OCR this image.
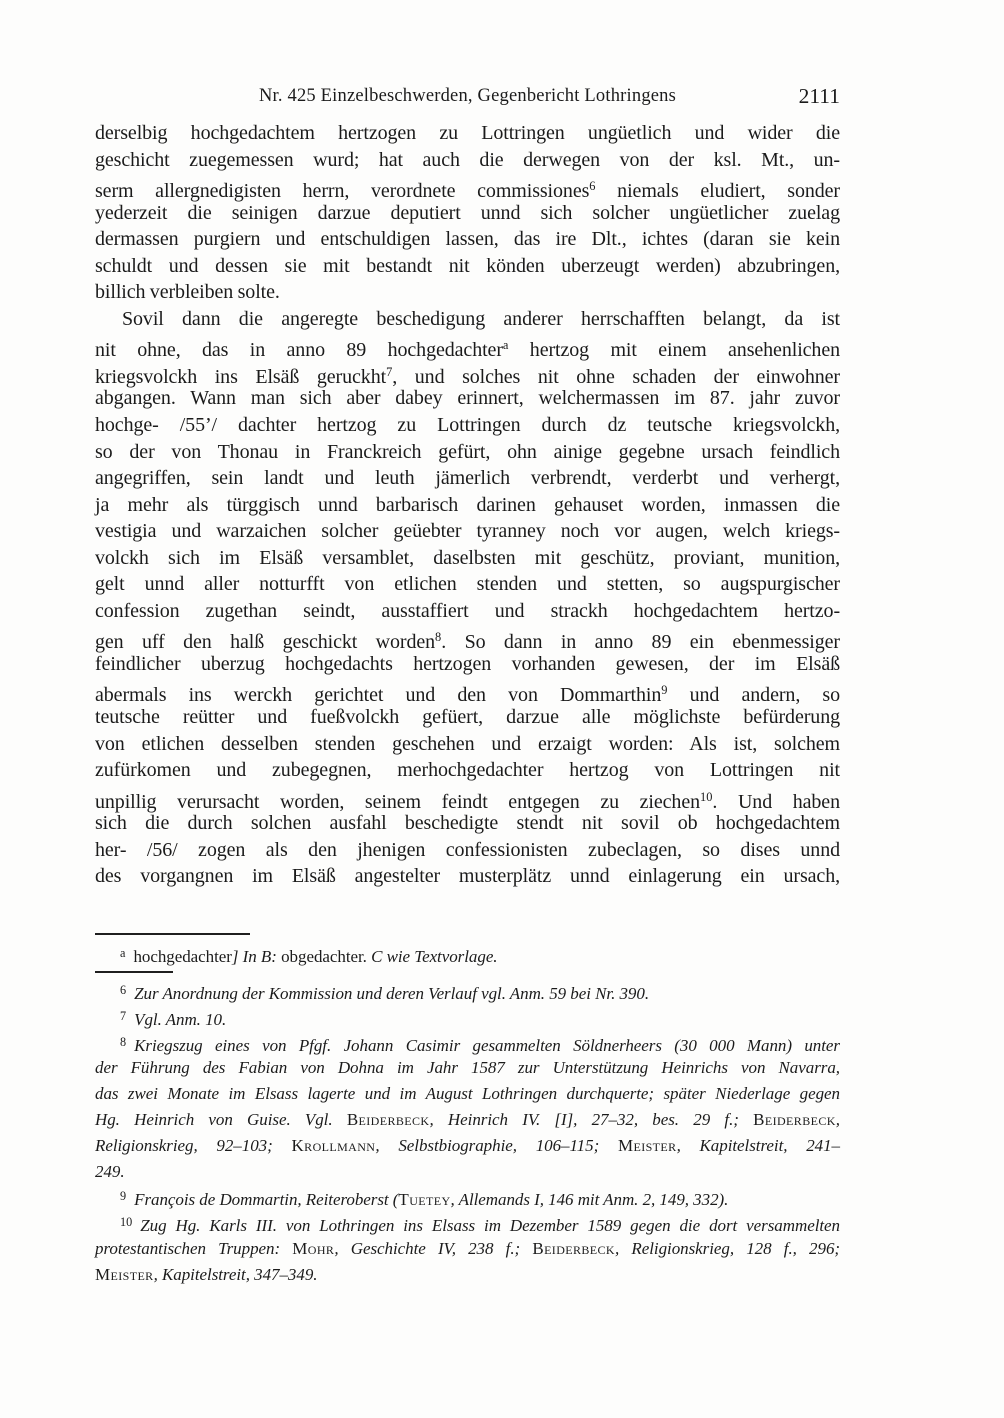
Nr. 425 Einzelbeschwerden, Gegenbericht Lothringens	2111
derselbig hochgedachtem hertzogen zu Lottringen ungüetlich und wider die
geschicht zuegemessen wurd; hat auch die derwegen von der ksl. Mt., un-
serm allergnedigisten herrn, verordnete commissiones$^6$ niemals eludiert, sonder
yederzeit die seinigen darzue deputiert unnd sich solcher ungüetlicher zuelag
dermassen purgiern und entschuldigen lassen, das ire Dlt., ichtes (daran sie kein
schuldt und dessen sie mit bestandt nit könden uberzeugt werden) abzubringen,
billich verbleiben solte.
Sovil dann die angeregte beschedigung anderer herrschafften belangt, da ist
nit ohne, das in anno 89 hochgedachter$^a$ hertzog mit einem ansehenlichen
kriegsvolckh ins Elsäß geruckht$^7$, und solches nit ohne schaden der einwohner
abgangen. Wann man sich aber dabey erinnert, welchermassen im 87. jahr zuvor
hochge- /55’/ dachter hertzog zu Lottringen durch dz teutsche kriegsvolckh,
so der von Thonau in Franckreich gefürt, ohn ainige gegebne ursach feindlich
angegriffen, sein landt und leuth jämerlich verbrendt, verderbt und verhergt,
ja mehr als türggisch unnd barbarisch darinen gehauset worden, inmassen die
vestigia und warzaichen solcher geüebter tyranney noch vor augen, welch kriegs-
volckh sich im Elsäß versamblet, daselbsten mit geschütz, proviant, munition,
gelt unnd aller notturfft von etlichen stenden und stetten, so augspurgischer
confession zugethan seindt, ausstaffiert und strackh hochgedachtem hertzo-
gen uff den halß geschickt worden$^8$. So dann in anno 89 ein ebenmessiger
feindlicher uberzug hochgedachts hertzogen vorhanden gewesen, der im Elsäß
abermals ins werckh gerichtet und den von Dommarthin$^9$ und andern, so
teutsche reütter und fueßvolckh gefüert, darzue alle möglichste befürderung
von etlichen desselben stenden geschehen und erzaigt worden: Als ist, solchem
zufürkomen und zubegegnen, merhochgedachter hertzog von Lottringen nit
unpillig verursacht worden, seinem feindt entgegen zu ziechen$^{10}$. Und haben
sich die durch solchen ausfahl beschedigte stendt nit sovil ob hochgedachtem
her- /56/ zogen als den jhenigen confessionisten zubeclagen, so dises unnd
des vorgangnen im Elsäß angestelter musterplätz unnd einlagerung ein ursach,
$^a$ hochgedachter] In B: obgedachter. C wie Textvorlage.
$^6$ Zur Anordnung der Kommission und deren Verlauf vgl. Anm. 59 bei Nr. 390.
$^7$ Vgl. Anm. 10.
$^8$ Kriegszug eines von Pfgf. Johann Casimir gesammelten Söldnerheers (30 000 Mann) unter
der Führung des Fabian von Dohna im Jahr 1587 zur Unterstützung Heinrichs von Navarra,
das zwei Monate im Elsass lagerte und im August Lothringen durchquerte; später Niederlage gegen
Hg. Heinrich von Guise. Vgl. Beiderbeck, Heinrich IV. [I], 27–32, bes. 29 f.; Beiderbeck,
Religionskrieg, 92–103; Krollmann, Selbstbiographie, 106–115; Meister, Kapitelstreit, 241–
249.
$^9$ François de Dommartin, Reiteroberst (Tuetey, Allemands I, 146 mit Anm. 2, 149, 332).
$^{10}$ Zug Hg. Karls III. von Lothringen ins Elsass im Dezember 1589 gegen die dort versammelten
protestantischen Truppen: Mohr, Geschichte IV, 238 f.; Beiderbeck, Religionskrieg, 128 f., 296;
Meister, Kapitelstreit, 347–349.
